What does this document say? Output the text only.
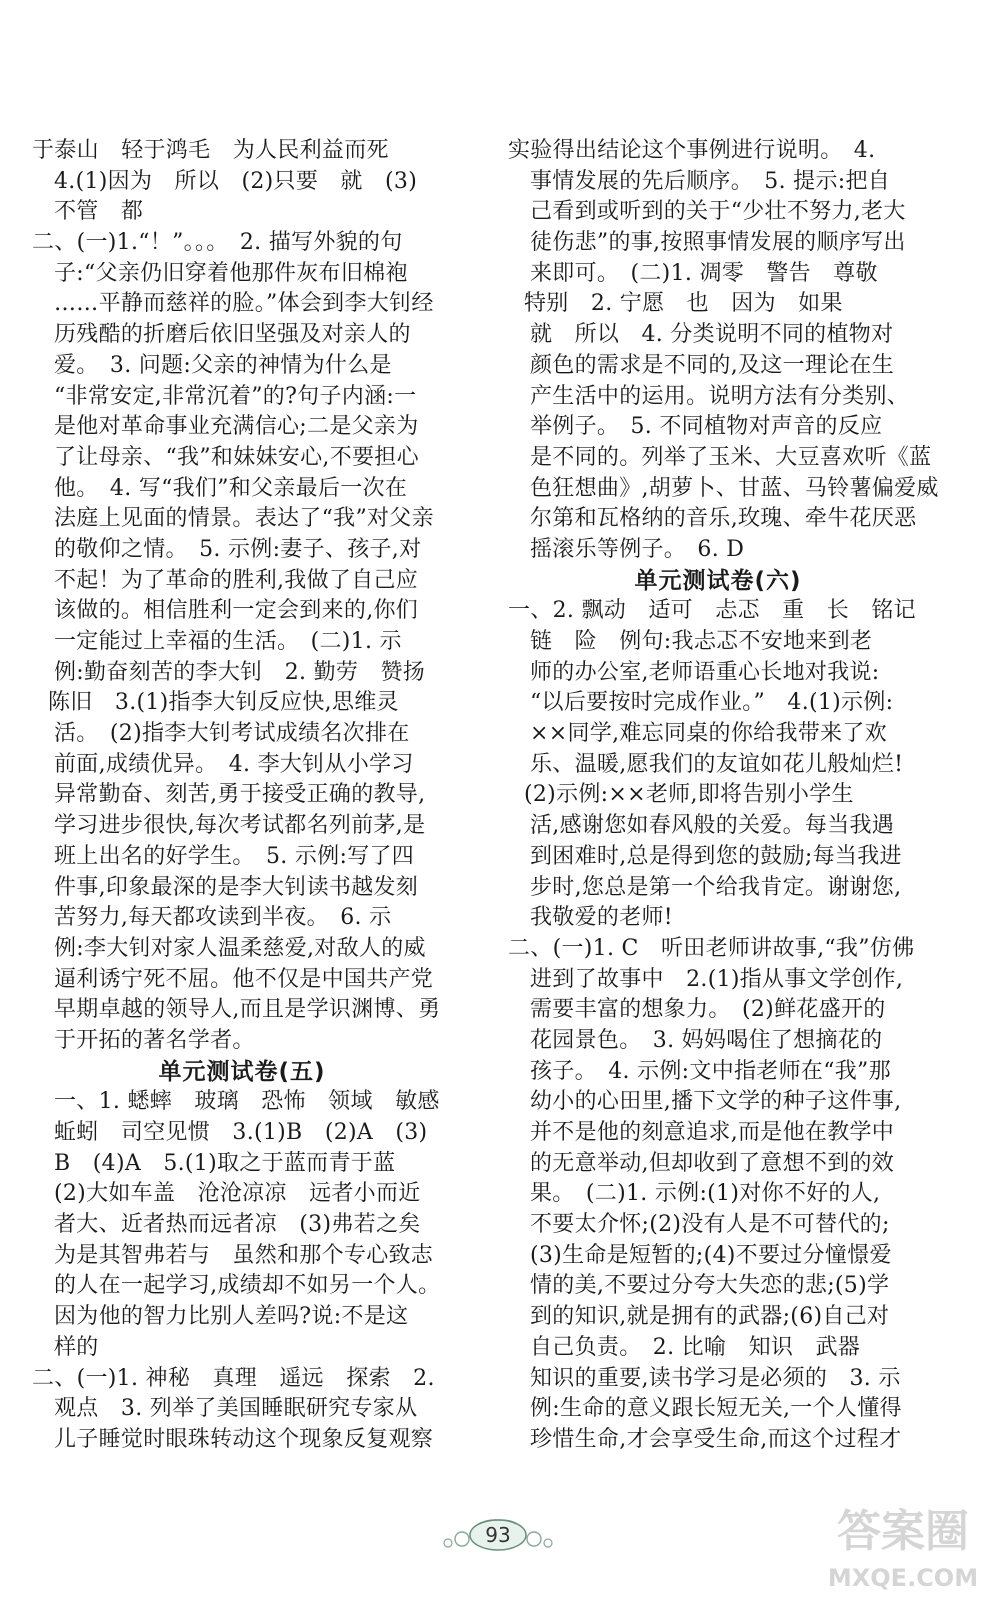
于泰山　轻于鸿毛　为人民利益而死
4.(1)因为　所以　(2)只要　就　(3)
不管　都
二、(一)1.“！”。。。　2. 描写外貌的句
子:“父亲仍旧穿着他那件灰布旧棉袍
……平静而慈祥的脸。”体会到李大钊经
历残酷的折磨后依旧坚强及对亲人的
爱。　3. 问题:父亲的神情为什么是
“非常安定,非常沉着”的?句子内涵:一
是他对革命事业充满信心;二是父亲为
了让母亲、“我”和妹妹安心,不要担心
他。　4. 写“我们”和父亲最后一次在
法庭上见面的情景。表达了“我”对父亲
的敬仰之情。　5. 示例:妻子、孩子,对
不起！为了革命的胜利,我做了自己应
该做的。相信胜利一定会到来的,你们
一定能过上幸福的生活。　(二)1. 示
例:勤奋刻苦的李大钊　2. 勤劳　赞扬
陈旧　3.(1)指李大钊反应快,思维灵
活。　(2)指李大钊考试成绩名次排在
前面,成绩优异。　4. 李大钊从小学习
异常勤奋、刻苦,勇于接受正确的教导,
学习进步很快,每次考试都名列前茅,是
班上出名的好学生。　5. 示例:写了四
件事,印象最深的是李大钊读书越发刻
苦努力,每天都攻读到半夜。　6. 示
例:李大钊对家人温柔慈爱,对敌人的威
逼利诱宁死不屈。他不仅是中国共产党
早期卓越的领导人,而且是学识渊博、勇
于开拓的著名学者。
单元测试卷(五)
一、1. 蟋蟀　玻璃　恐怖　领域　敏感
蚯蚓　司空见惯　3.(1)B　(2)A　(3)
B　(4)A　5.(1)取之于蓝而青于蓝
(2)大如车盖　沧沧凉凉　远者小而近
者大、近者热而远者凉　(3)弗若之矣
为是其智弗若与　虽然和那个专心致志
的人在一起学习,成绩却不如另一个人。
因为他的智力比别人差吗?说:不是这
样的
二、(一)1. 神秘　真理　遥远　探索　2.
观点　3. 列举了美国睡眠研究专家从
儿子睡觉时眼珠转动这个现象反复观察
实验得出结论这个事例进行说明。　4.
事情发展的先后顺序。　5. 提示:把自
己看到或听到的关于“少壮不努力,老大
徒伤悲”的事,按照事情发展的顺序写出
来即可。　(二)1. 凋零　警告　尊敬
特别　2. 宁愿　也　因为　如果
就　所以　4. 分类说明不同的植物对
颜色的需求是不同的,及这一理论在生
产生活中的运用。说明方法有分类别、
举例子。　5. 不同植物对声音的反应
是不同的。列举了玉米、大豆喜欢听《蓝
色狂想曲》,胡萝卜、甘蓝、马铃薯偏爱威
尔第和瓦格纳的音乐,玫瑰、牵牛花厌恶
摇滚乐等例子。　6. D
单元测试卷(六)
一、2. 飘动　适可　忐忑　重　长　铭记
链　险　例句:我忐忑不安地来到老
师的办公室,老师语重心长地对我说:
“以后要按时完成作业。”　4.(1)示例:
××同学,难忘同桌的你给我带来了欢
乐、温暖,愿我们的友谊如花儿般灿烂!
(2)示例:××老师,即将告别小学生
活,感谢您如春风般的关爱。每当我遇
到困难时,总是得到您的鼓励;每当我进
步时,您总是第一个给我肯定。谢谢您,
我敬爱的老师!
二、(一)1. C　听田老师讲故事,“我”仿佛
进到了故事中　2.(1)指从事文学创作,
需要丰富的想象力。　(2)鲜花盛开的
花园景色。　3. 妈妈喝住了想摘花的
孩子。　4. 示例:文中指老师在“我”那
幼小的心田里,播下文学的种子这件事,
并不是他的刻意追求,而是他在教学中
的无意举动,但却收到了意想不到的效
果。　(二)1. 示例:(1)对你不好的人,
不要太介怀;(2)没有人是不可替代的;
(3)生命是短暂的;(4)不要过分憧憬爱
情的美,不要过分夸大失恋的悲;(5)学
到的知识,就是拥有的武器;(6)自己对
自己负责。　2. 比喻　知识　武器
知识的重要,读书学习是必须的　3. 示
例:生命的意义跟长短无关,一个人懂得
珍惜生命,才会享受生命,而这个过程才
93	答案圈
MXQE.COM
